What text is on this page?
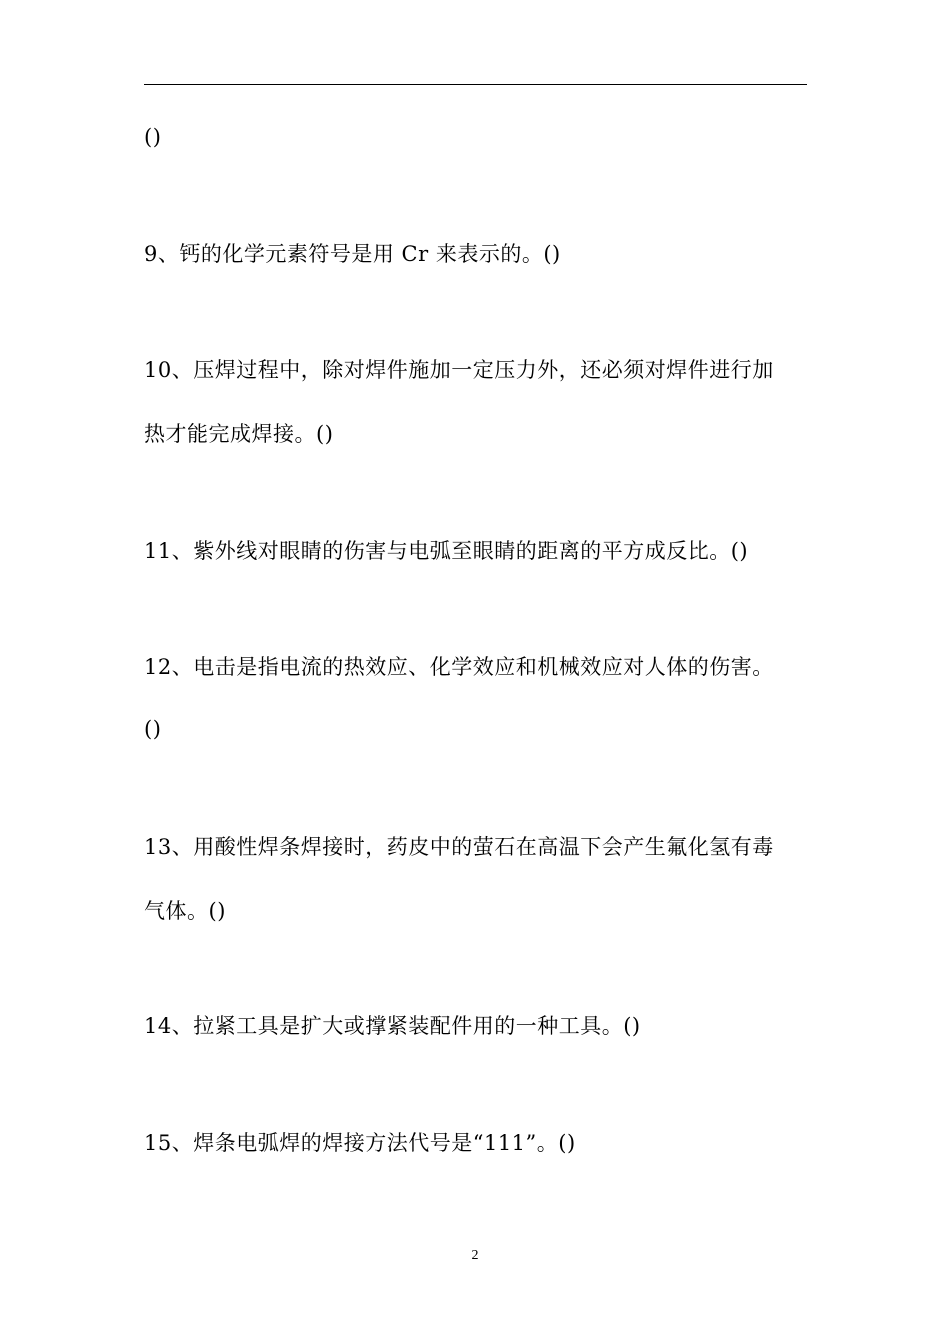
()
9、钙的化学元素符号是用 Cr 来表示的。()
10、压焊过程中，除对焊件施加一定压力外，还必须对焊件进行加
热才能完成焊接。()
11、紫外线对眼睛的伤害与电弧至眼睛的距离的平方成反比。()
12、电击是指电流的热效应、化学效应和机械效应对人体的伤害。
()
13、用酸性焊条焊接时，药皮中的萤石在高温下会产生氟化氢有毒
气体。()
14、拉紧工具是扩大或撑紧装配件用的一种工具。()
15、焊条电弧焊的焊接方法代号是“111”。()
2
